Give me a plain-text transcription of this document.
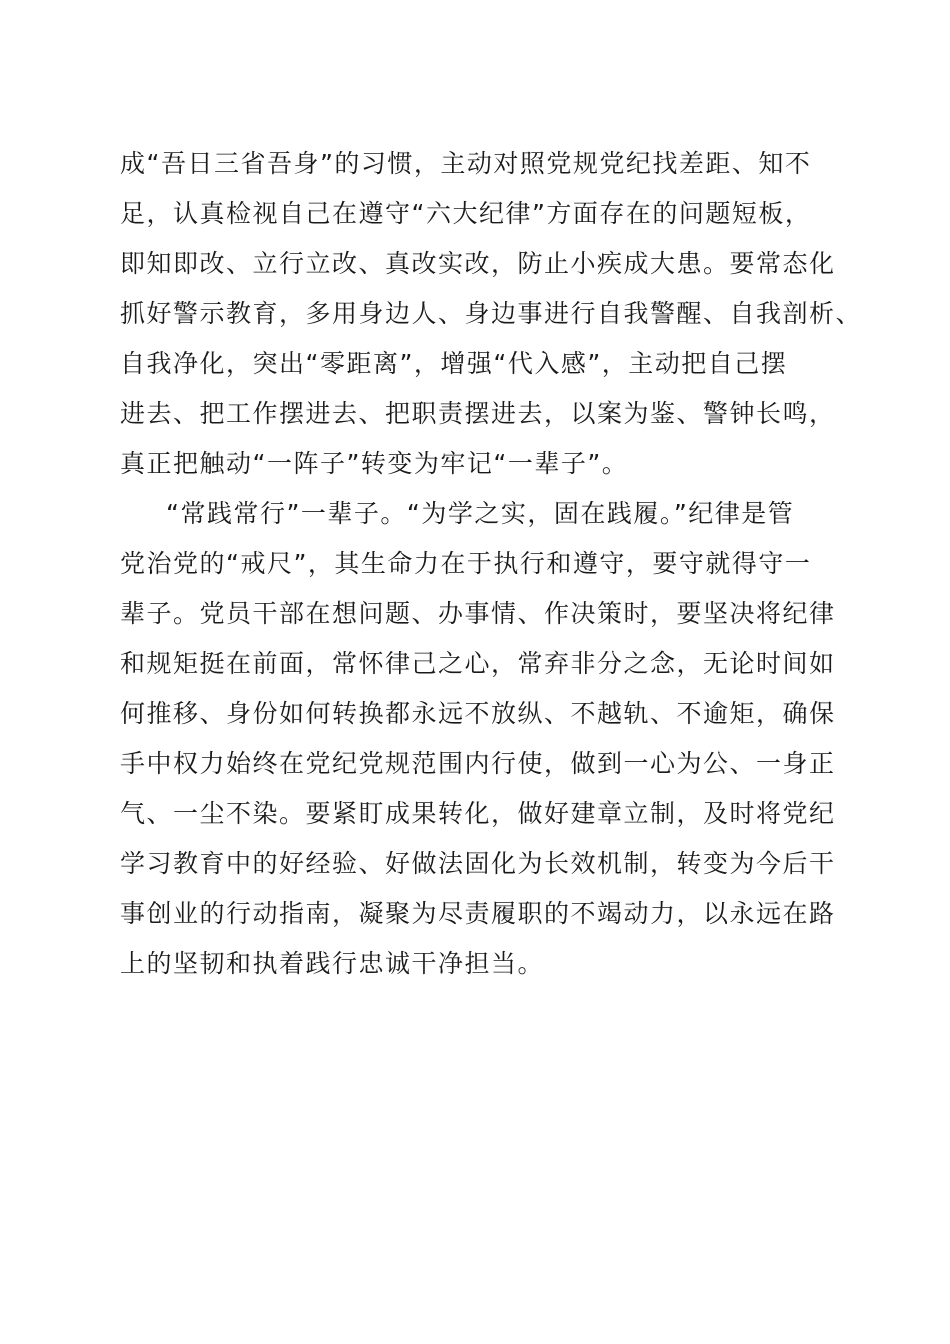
成“吾日三省吾身”的习惯，主动对照党规党纪找差距、知不
足，认真检视自己在遵守“六大纪律”方面存在的问题短板，
即知即改、立行立改、真改实改，防止小疾成大患。要常态化
抓好警示教育，多用身边人、身边事进行自我警醒、自我剖析、
自我净化，突出“零距离”，增强“代入感”，主动把自己摆
进去、把工作摆进去、把职责摆进去，以案为鉴、警钟长鸣，
真正把触动“一阵子”转变为牢记“一辈子”。
“常践常行”一辈子。“为学之实，固在践履。”纪律是管
党治党的“戒尺”，其生命力在于执行和遵守，要守就得守一
辈子。党员干部在想问题、办事情、作决策时，要坚决将纪律
和规矩挺在前面，常怀律己之心，常弃非分之念，无论时间如
何推移、身份如何转换都永远不放纵、不越轨、不逾矩，确保
手中权力始终在党纪党规范围内行使，做到一心为公、一身正
气、一尘不染。要紧盯成果转化，做好建章立制，及时将党纪
学习教育中的好经验、好做法固化为长效机制，转变为今后干
事创业的行动指南，凝聚为尽责履职的不竭动力，以永远在路
上的坚韧和执着践行忠诚干净担当。
